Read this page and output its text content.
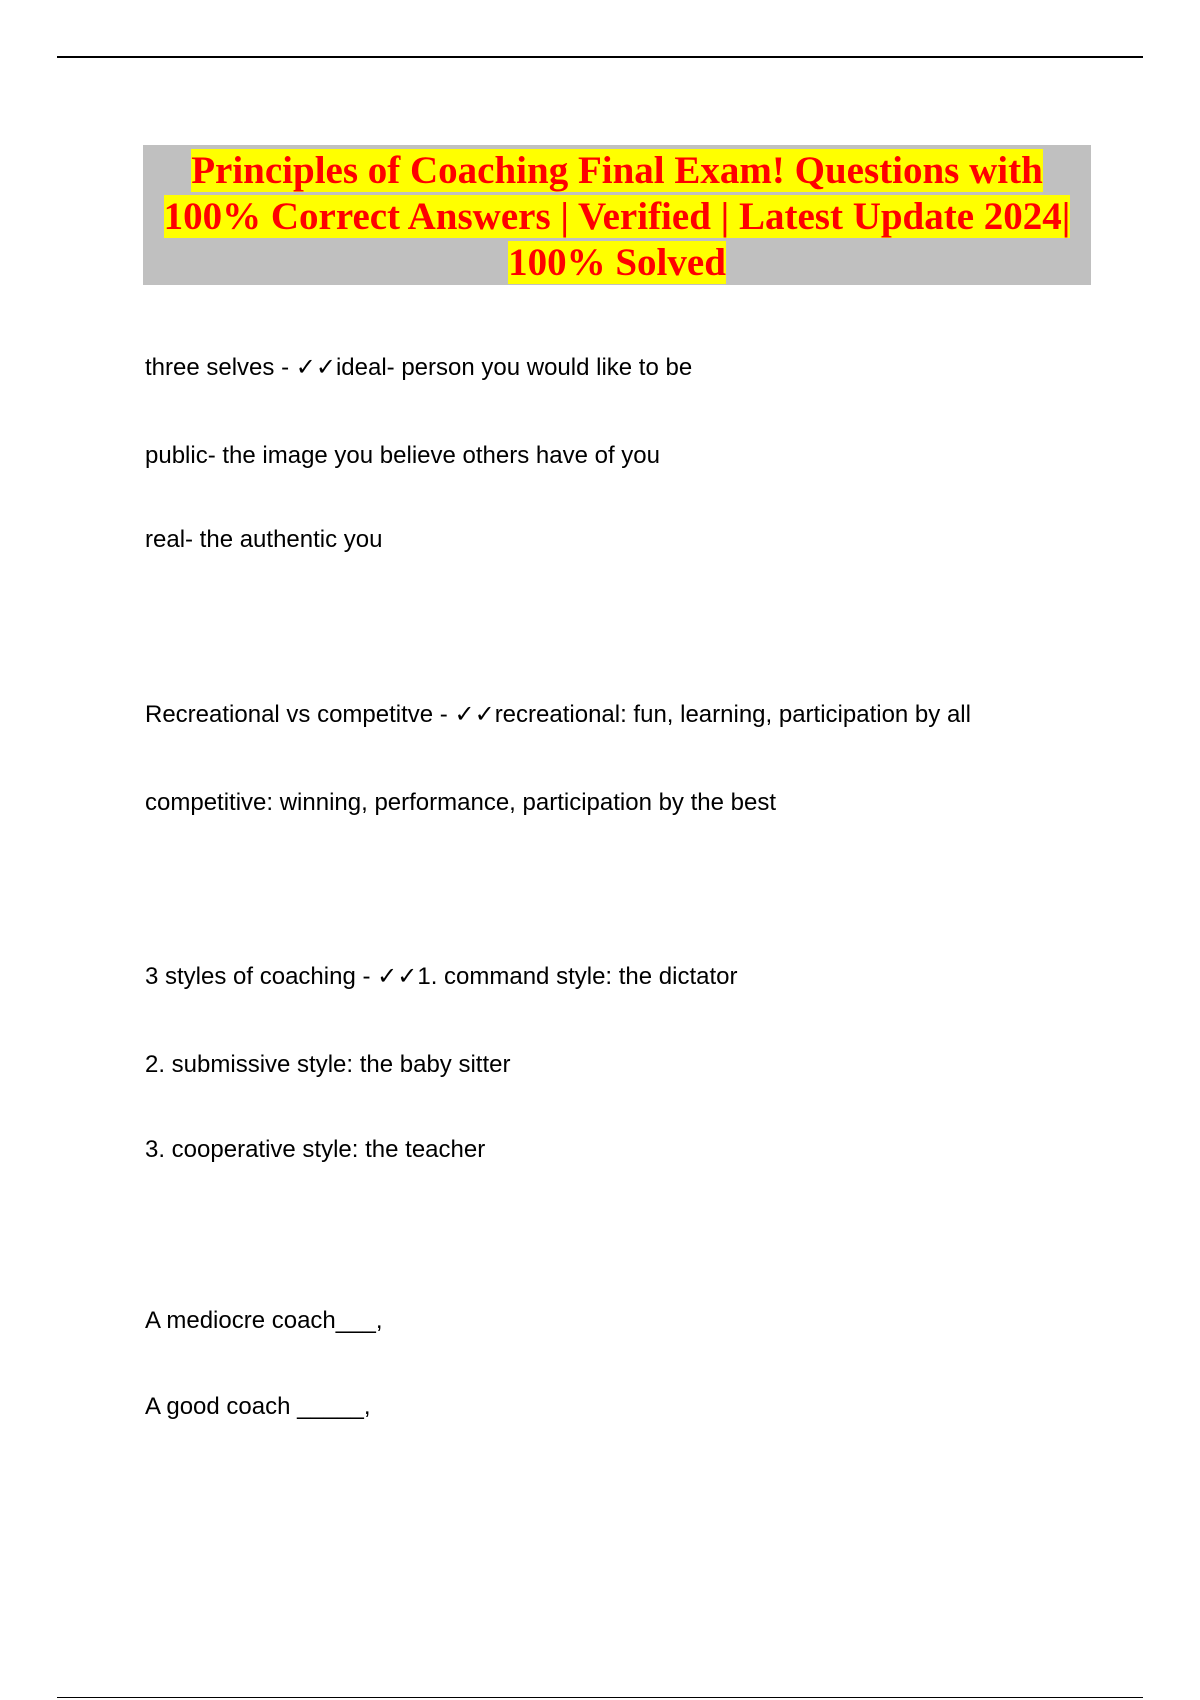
Principles of Coaching Final Exam! Questions with 100% Correct Answers | Verified | Latest Update 2024| 100% Solved
three selves - ✓✓ideal- person you would like to be
public- the image you believe others have of you
real- the authentic you
Recreational vs competitve - ✓✓recreational: fun, learning, participation by all
competitive: winning, performance, participation by the best
3 styles of coaching - ✓✓1. command style: the dictator
2. submissive style: the baby sitter
3. cooperative style: the teacher
A mediocre coach___,
A good coach _____,
